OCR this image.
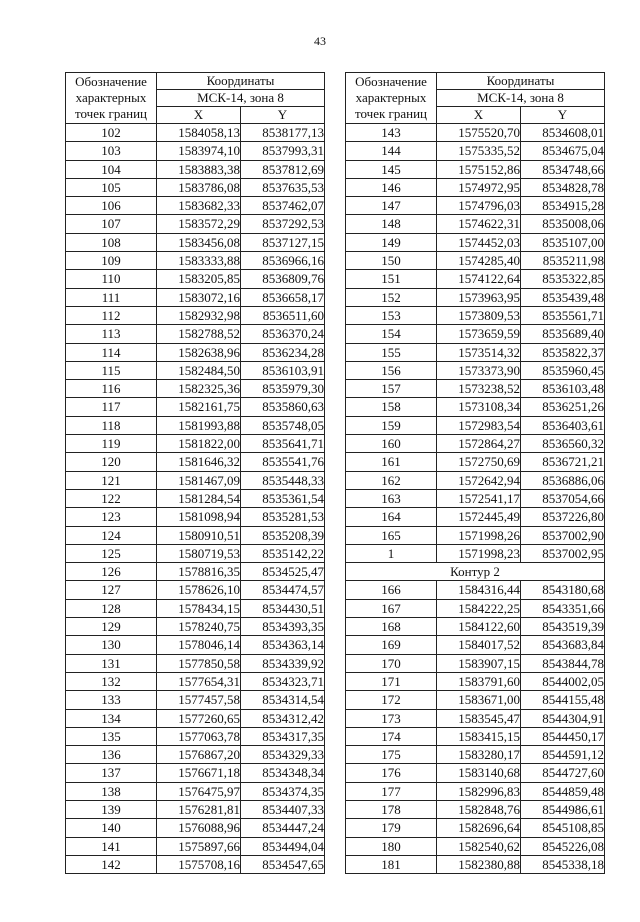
43
Обозначение
характерных
точек границ	Координаты	
	МСК-14, зона 8	
	X	Y
102	1584058,13	8538177,13
103	1583974,10	8537993,31
104	1583883,38	8537812,69
105	1583786,08	8537635,53
106	1583682,33	8537462,07
107	1583572,29	8537292,53
108	1583456,08	8537127,15
109	1583333,88	8536966,16
110	1583205,85	8536809,76
111	1583072,16	8536658,17
112	1582932,98	8536511,60
113	1582788,52	8536370,24
114	1582638,96	8536234,28
115	1582484,50	8536103,91
116	1582325,36	8535979,30
117	1582161,75	8535860,63
118	1581993,88	8535748,05
119	1581822,00	8535641,71
120	1581646,32	8535541,76
121	1581467,09	8535448,33
122	1581284,54	8535361,54
123	1581098,94	8535281,53
124	1580910,51	8535208,39
125	1580719,53	8535142,22
126	1578816,35	8534525,47
127	1578626,10	8534474,57
128	1578434,15	8534430,51
129	1578240,75	8534393,35
130	1578046,14	8534363,14
131	1577850,58	8534339,92
132	1577654,31	8534323,71
133	1577457,58	8534314,54
134	1577260,65	8534312,42
135	1577063,78	8534317,35
136	1576867,20	8534329,33
137	1576671,18	8534348,34
138	1576475,97	8534374,35
139	1576281,81	8534407,33
140	1576088,96	8534447,24
141	1575897,66	8534494,04
142	1575708,16	8534547,65
Обозначение
характерных
точек границ	Координаты	
	МСК-14, зона 8	
	X	Y
143	1575520,70	8534608,01
144	1575335,52	8534675,04
145	1575152,86	8534748,66
146	1574972,95	8534828,78
147	1574796,03	8534915,28
148	1574622,31	8535008,06
149	1574452,03	8535107,00
150	1574285,40	8535211,98
151	1574122,64	8535322,85
152	1573963,95	8535439,48
153	1573809,53	8535561,71
154	1573659,59	8535689,40
155	1573514,32	8535822,37
156	1573373,90	8535960,45
157	1573238,52	8536103,48
158	1573108,34	8536251,26
159	1572983,54	8536403,61
160	1572864,27	8536560,32
161	1572750,69	8536721,21
162	1572642,94	8536886,06
163	1572541,17	8537054,66
164	1572445,49	8537226,80
165	1571998,26	8537002,90
1	1571998,23	8537002,95
Контур 2		
166	1584316,44	8543180,68
167	1584222,25	8543351,66
168	1584122,60	8543519,39
169	1584017,52	8543683,84
170	1583907,15	8543844,78
171	1583791,60	8544002,05
172	1583671,00	8544155,48
173	1583545,47	8544304,91
174	1583415,15	8544450,17
175	1583280,17	8544591,12
176	1583140,68	8544727,60
177	1582996,83	8544859,48
178	1582848,76	8544986,61
179	1582696,64	8545108,85
180	1582540,62	8545226,08
181	1582380,88	8545338,18
